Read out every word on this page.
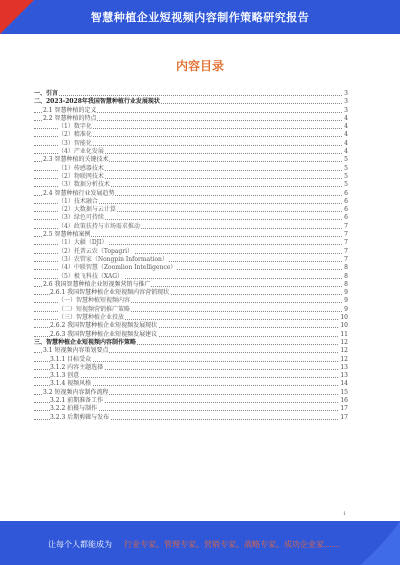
智慧种植企业短视频内容制作策略研究报告
内容目录
一、引言	3
二、2023-2028年我国智慧种植行业发展现状	3
2.1 智慧种植的定义	3
2.2 智慧种植的特点	4
（1）数字化	4
（2）精准化	4
（3）智能化	4
（4）产业化发展	4
2.3 智慧种植的关键技术	5
（1）传感器技术	5
（2）物联网技术	5
（3）数据分析技术	5
2.4 智慧种植行业发展趋势	6
（1）技术融合	6
（2）大数据与云计算	6
（3）绿色可持续	6
（4）政策扶持与市场需求推动	7
2.5 智慧种植案例	7
（1）大疆（DJI）	7
（2）托普云农（Topagri）	7
（3）农管家（Nongpin Information）	7
（4）中联智慧（Zoomlion Intelligence）	8
（5）极飞科技（XAG）	8
2.6 我国智慧种植企业短视频营销与推广	8
2.6.1 我国智慧种植企业短视频内容营销现状	9
（一）智慧种植短视频内容	9
（二）短视频营销推广策略	9
（三）智慧种植企业投放	10
2.6.2 我国智慧种植企业短视频发展现状	10
2.6.3 我国智慧种植企业短视频发展建议	11
三、智慧种植企业短视频内容制作策略	12
3.1 短视频内容策划要点	12
3.1.1 目标受众	12
3.1.2 内容主题选择	13
3.1.3 创意	13
3.1.4 视频风格	14
3.2 短视频内容制作流程	15
3.2.1 前期准备工作	16
3.2.2 拍摄与制作	17
3.2.3 后期剪辑与发布	17
1
让每个人都能成为 行业专家、管理专家、营销专家、战略专家、成功企业家……
